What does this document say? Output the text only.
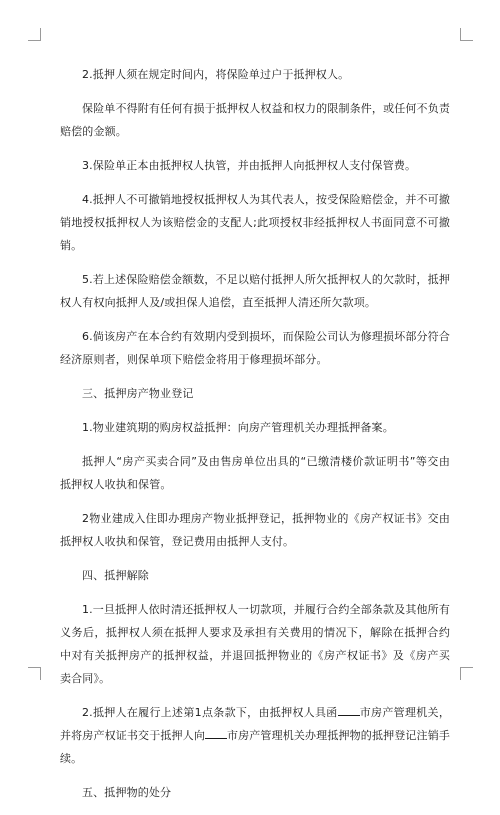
2.抵押人须在规定时间内，将保险单过户于抵押权人。

保险单不得附有任何有损于抵押权人权益和权力的限制条件，或任何不负责赔偿的金额。

3.保险单正本由抵押权人执管，并由抵押人向抵押权人支付保管费。

4.抵押人不可撤销地授权抵押权人为其代表人，按受保险赔偿金，并不可撤销地授权抵押权人为该赔偿金的支配人;此项授权非经抵押权人书面同意不可撤销。

5.若上述保险赔偿金额数，不足以赔付抵押人所欠抵押权人的欠款时，抵押权人有权向抵押人及/或担保人追偿，直至抵押人清还所欠款项。

6.倘该房产在本合约有效期内受到损坏，而保险公司认为修理损坏部分符合经济原则者，则保单项下赔偿金将用于修理损坏部分。

三、抵押房产物业登记

1.物业建筑期的购房权益抵押：向房产管理机关办理抵押备案。

抵押人“房产买卖合同”及由售房单位出具的“已缴清楼价款证明书”等交由抵押权人收执和保管。

2物业建成入住即办理房产物业抵押登记，抵押物业的《房产权证书》交由抵押权人收执和保管，登记费用由抵押人支付。

四、抵押解除

1.一旦抵押人依时清还抵押权人一切款项，并履行合约全部条款及其他所有义务后，抵押权人须在抵押人要求及承担有关费用的情况下，解除在抵押合约中对有关抵押房产的抵押权益，并退回抵押物业的《房产权证书》及《房产买卖合同》。

2.抵押人在履行上述第1点条款下，由抵押权人具函 市房产管理机关，并将房产权证书交于抵押人向 市房产管理机关办理抵押物的抵押登记注销手续。

五、抵押物的处分
